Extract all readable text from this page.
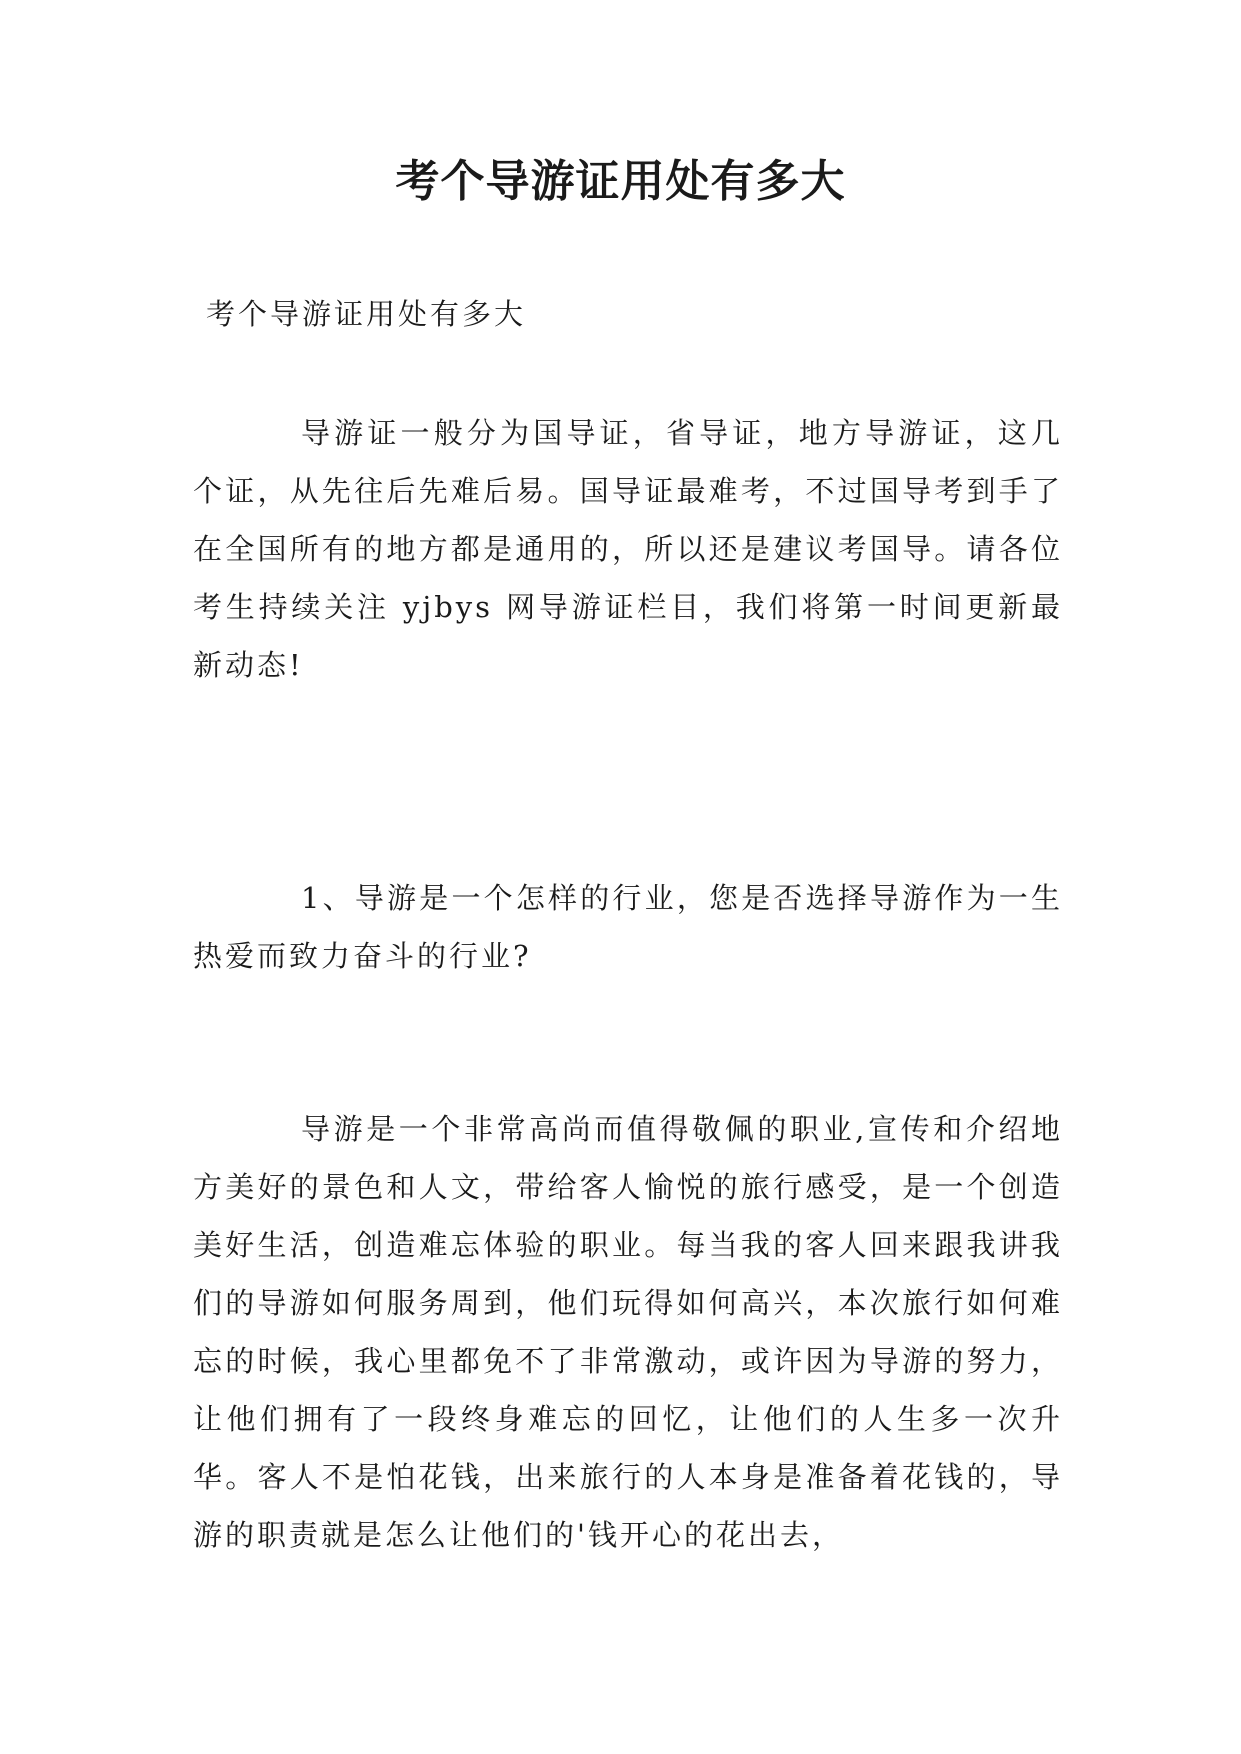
考个导游证用处有多大

考个导游证用处有多大

导游证一般分为国导证，省导证，地方导游证，这几个证，从先往后先难后易。国导证最难考，不过国导考到手了在全国所有的地方都是通用的，所以还是建议考国导。请各位考生持续关注 yjbys 网导游证栏目，我们将第一时间更新最新动态!

1、导游是一个怎样的行业，您是否选择导游作为一生热爱而致力奋斗的行业?

导游是一个非常高尚而值得敬佩的职业,宣传和介绍地方美好的景色和人文，带给客人愉悦的旅行感受，是一个创造美好生活，创造难忘体验的职业。每当我的客人回来跟我讲我们的导游如何服务周到，他们玩得如何高兴，本次旅行如何难忘的时候，我心里都免不了非常激动，或许因为导游的努力，让他们拥有了一段终身难忘的回忆，让他们的人生多一次升华。客人不是怕花钱，出来旅行的人本身是准备着花钱的，导游的职责就是怎么让他们的'钱开心的花出去，
